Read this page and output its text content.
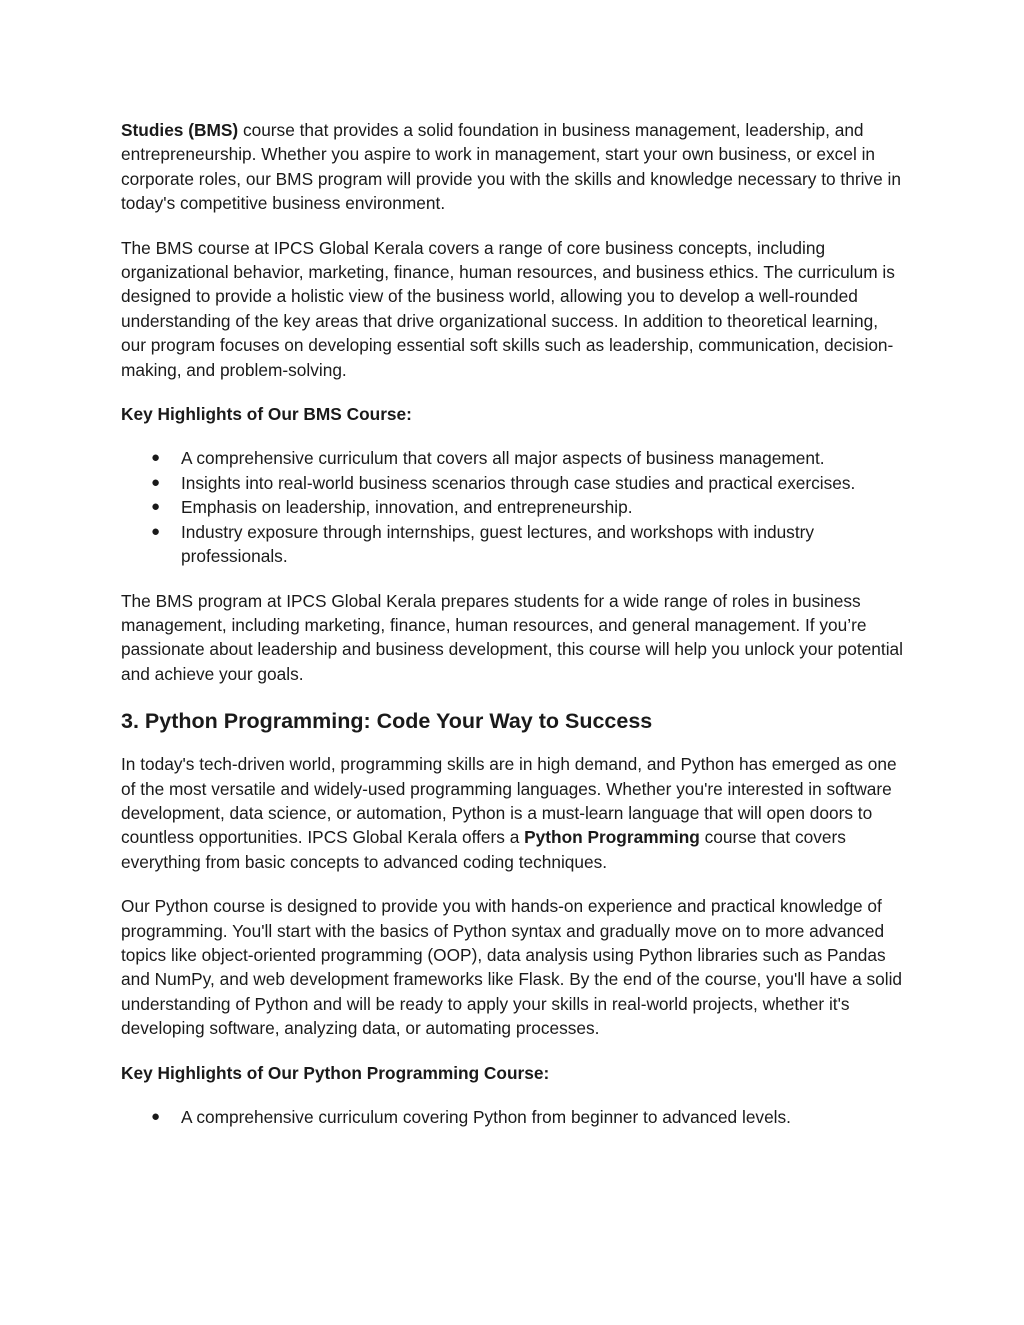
Studies (BMS) course that provides a solid foundation in business management, leadership, and entrepreneurship. Whether you aspire to work in management, start your own business, or excel in corporate roles, our BMS program will provide you with the skills and knowledge necessary to thrive in today's competitive business environment.

The BMS course at IPCS Global Kerala covers a range of core business concepts, including organizational behavior, marketing, finance, human resources, and business ethics. The curriculum is designed to provide a holistic view of the business world, allowing you to develop a well-rounded understanding of the key areas that drive organizational success. In addition to theoretical learning, our program focuses on developing essential soft skills such as leadership, communication, decision-making, and problem-solving.

Key Highlights of Our BMS Course:

● A comprehensive curriculum that covers all major aspects of business management.
● Insights into real-world business scenarios through case studies and practical exercises.
● Emphasis on leadership, innovation, and entrepreneurship.
● Industry exposure through internships, guest lectures, and workshops with industry professionals.

The BMS program at IPCS Global Kerala prepares students for a wide range of roles in business management, including marketing, finance, human resources, and general management. If you’re passionate about leadership and business development, this course will help you unlock your potential and achieve your goals.

3. Python Programming: Code Your Way to Success

In today's tech-driven world, programming skills are in high demand, and Python has emerged as one of the most versatile and widely-used programming languages. Whether you're interested in software development, data science, or automation, Python is a must-learn language that will open doors to countless opportunities. IPCS Global Kerala offers a Python Programming course that covers everything from basic concepts to advanced coding techniques.

Our Python course is designed to provide you with hands-on experience and practical knowledge of programming. You'll start with the basics of Python syntax and gradually move on to more advanced topics like object-oriented programming (OOP), data analysis using Python libraries such as Pandas and NumPy, and web development frameworks like Flask. By the end of the course, you'll have a solid understanding of Python and will be ready to apply your skills in real-world projects, whether it's developing software, analyzing data, or automating processes.

Key Highlights of Our Python Programming Course:

● A comprehensive curriculum covering Python from beginner to advanced levels.
